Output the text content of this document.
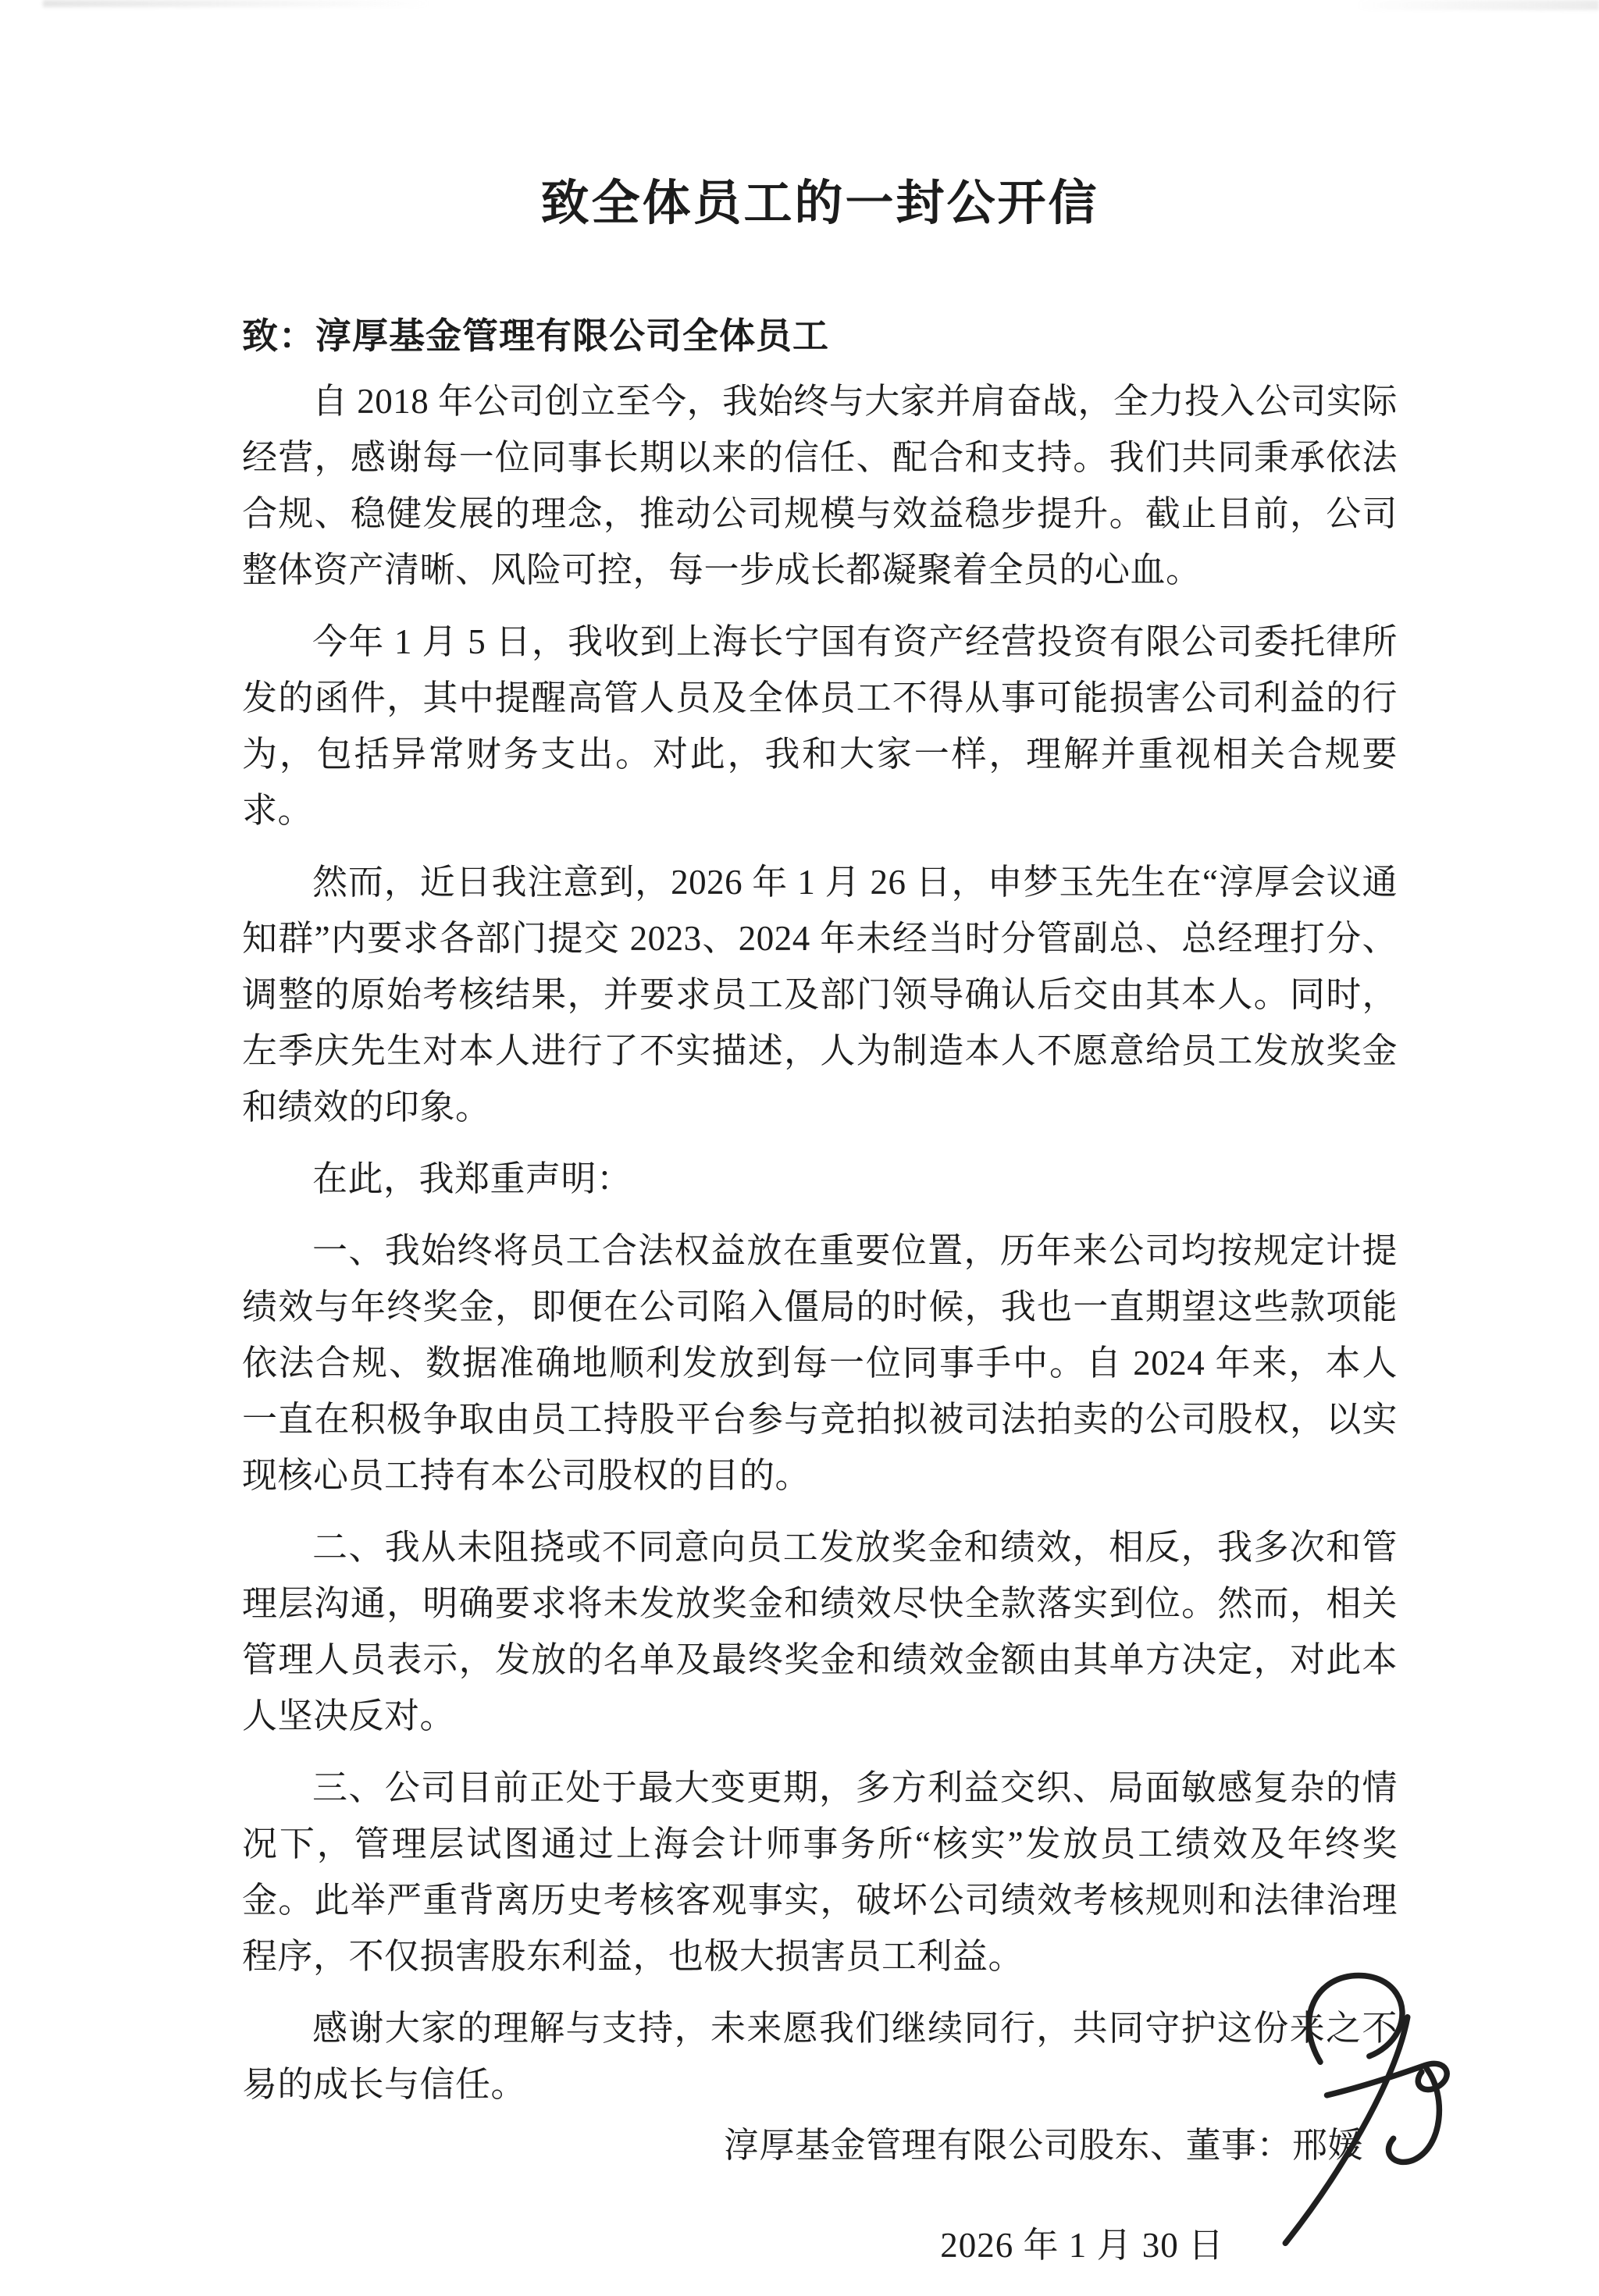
致全体员工的一封公开信
致：淳厚基金管理有限公司全体员工

自 2018 年公司创立至今，我始终与大家并肩奋战，全力投入公司实际经营，感谢每一位同事长期以来的信任、配合和支持。我们共同秉承依法合规、稳健发展的理念，推动公司规模与效益稳步提升。截止目前，公司整体资产清晰、风险可控，每一步成长都凝聚着全员的心血。

今年 1 月 5 日，我收到上海长宁国有资产经营投资有限公司委托律所发的函件，其中提醒高管人员及全体员工不得从事可能损害公司利益的行为，包括异常财务支出。对此，我和大家一样，理解并重视相关合规要求。

然而，近日我注意到，2026 年 1 月 26 日，申梦玉先生在“淳厚会议通知群”内要求各部门提交 2023、2024 年未经当时分管副总、总经理打分、调整的原始考核结果，并要求员工及部门领导确认后交由其本人。同时，左季庆先生对本人进行了不实描述，人为制造本人不愿意给员工发放奖金和绩效的印象。

在此，我郑重声明：

一、我始终将员工合法权益放在重要位置，历年来公司均按规定计提绩效与年终奖金，即便在公司陷入僵局的时候，我也一直期望这些款项能依法合规、数据准确地顺利发放到每一位同事手中。自 2024 年来，本人一直在积极争取由员工持股平台参与竞拍拟被司法拍卖的公司股权，以实现核心员工持有本公司股权的目的。

二、我从未阻挠或不同意向员工发放奖金和绩效，相反，我多次和管理层沟通，明确要求将未发放奖金和绩效尽快全款落实到位。然而，相关管理人员表示，发放的名单及最终奖金和绩效金额由其单方决定，对此本人坚决反对。

三、公司目前正处于最大变更期，多方利益交织、局面敏感复杂的情况下，管理层试图通过上海会计师事务所“核实”发放员工绩效及年终奖金。此举严重背离历史考核客观事实，破坏公司绩效考核规则和法律治理程序，不仅损害股东利益，也极大损害员工利益。

感谢大家的理解与支持，未来愿我们继续同行，共同守护这份来之不易的成长与信任。

淳厚基金管理有限公司股东、董事：邢媛
2026 年 1 月 30 日
